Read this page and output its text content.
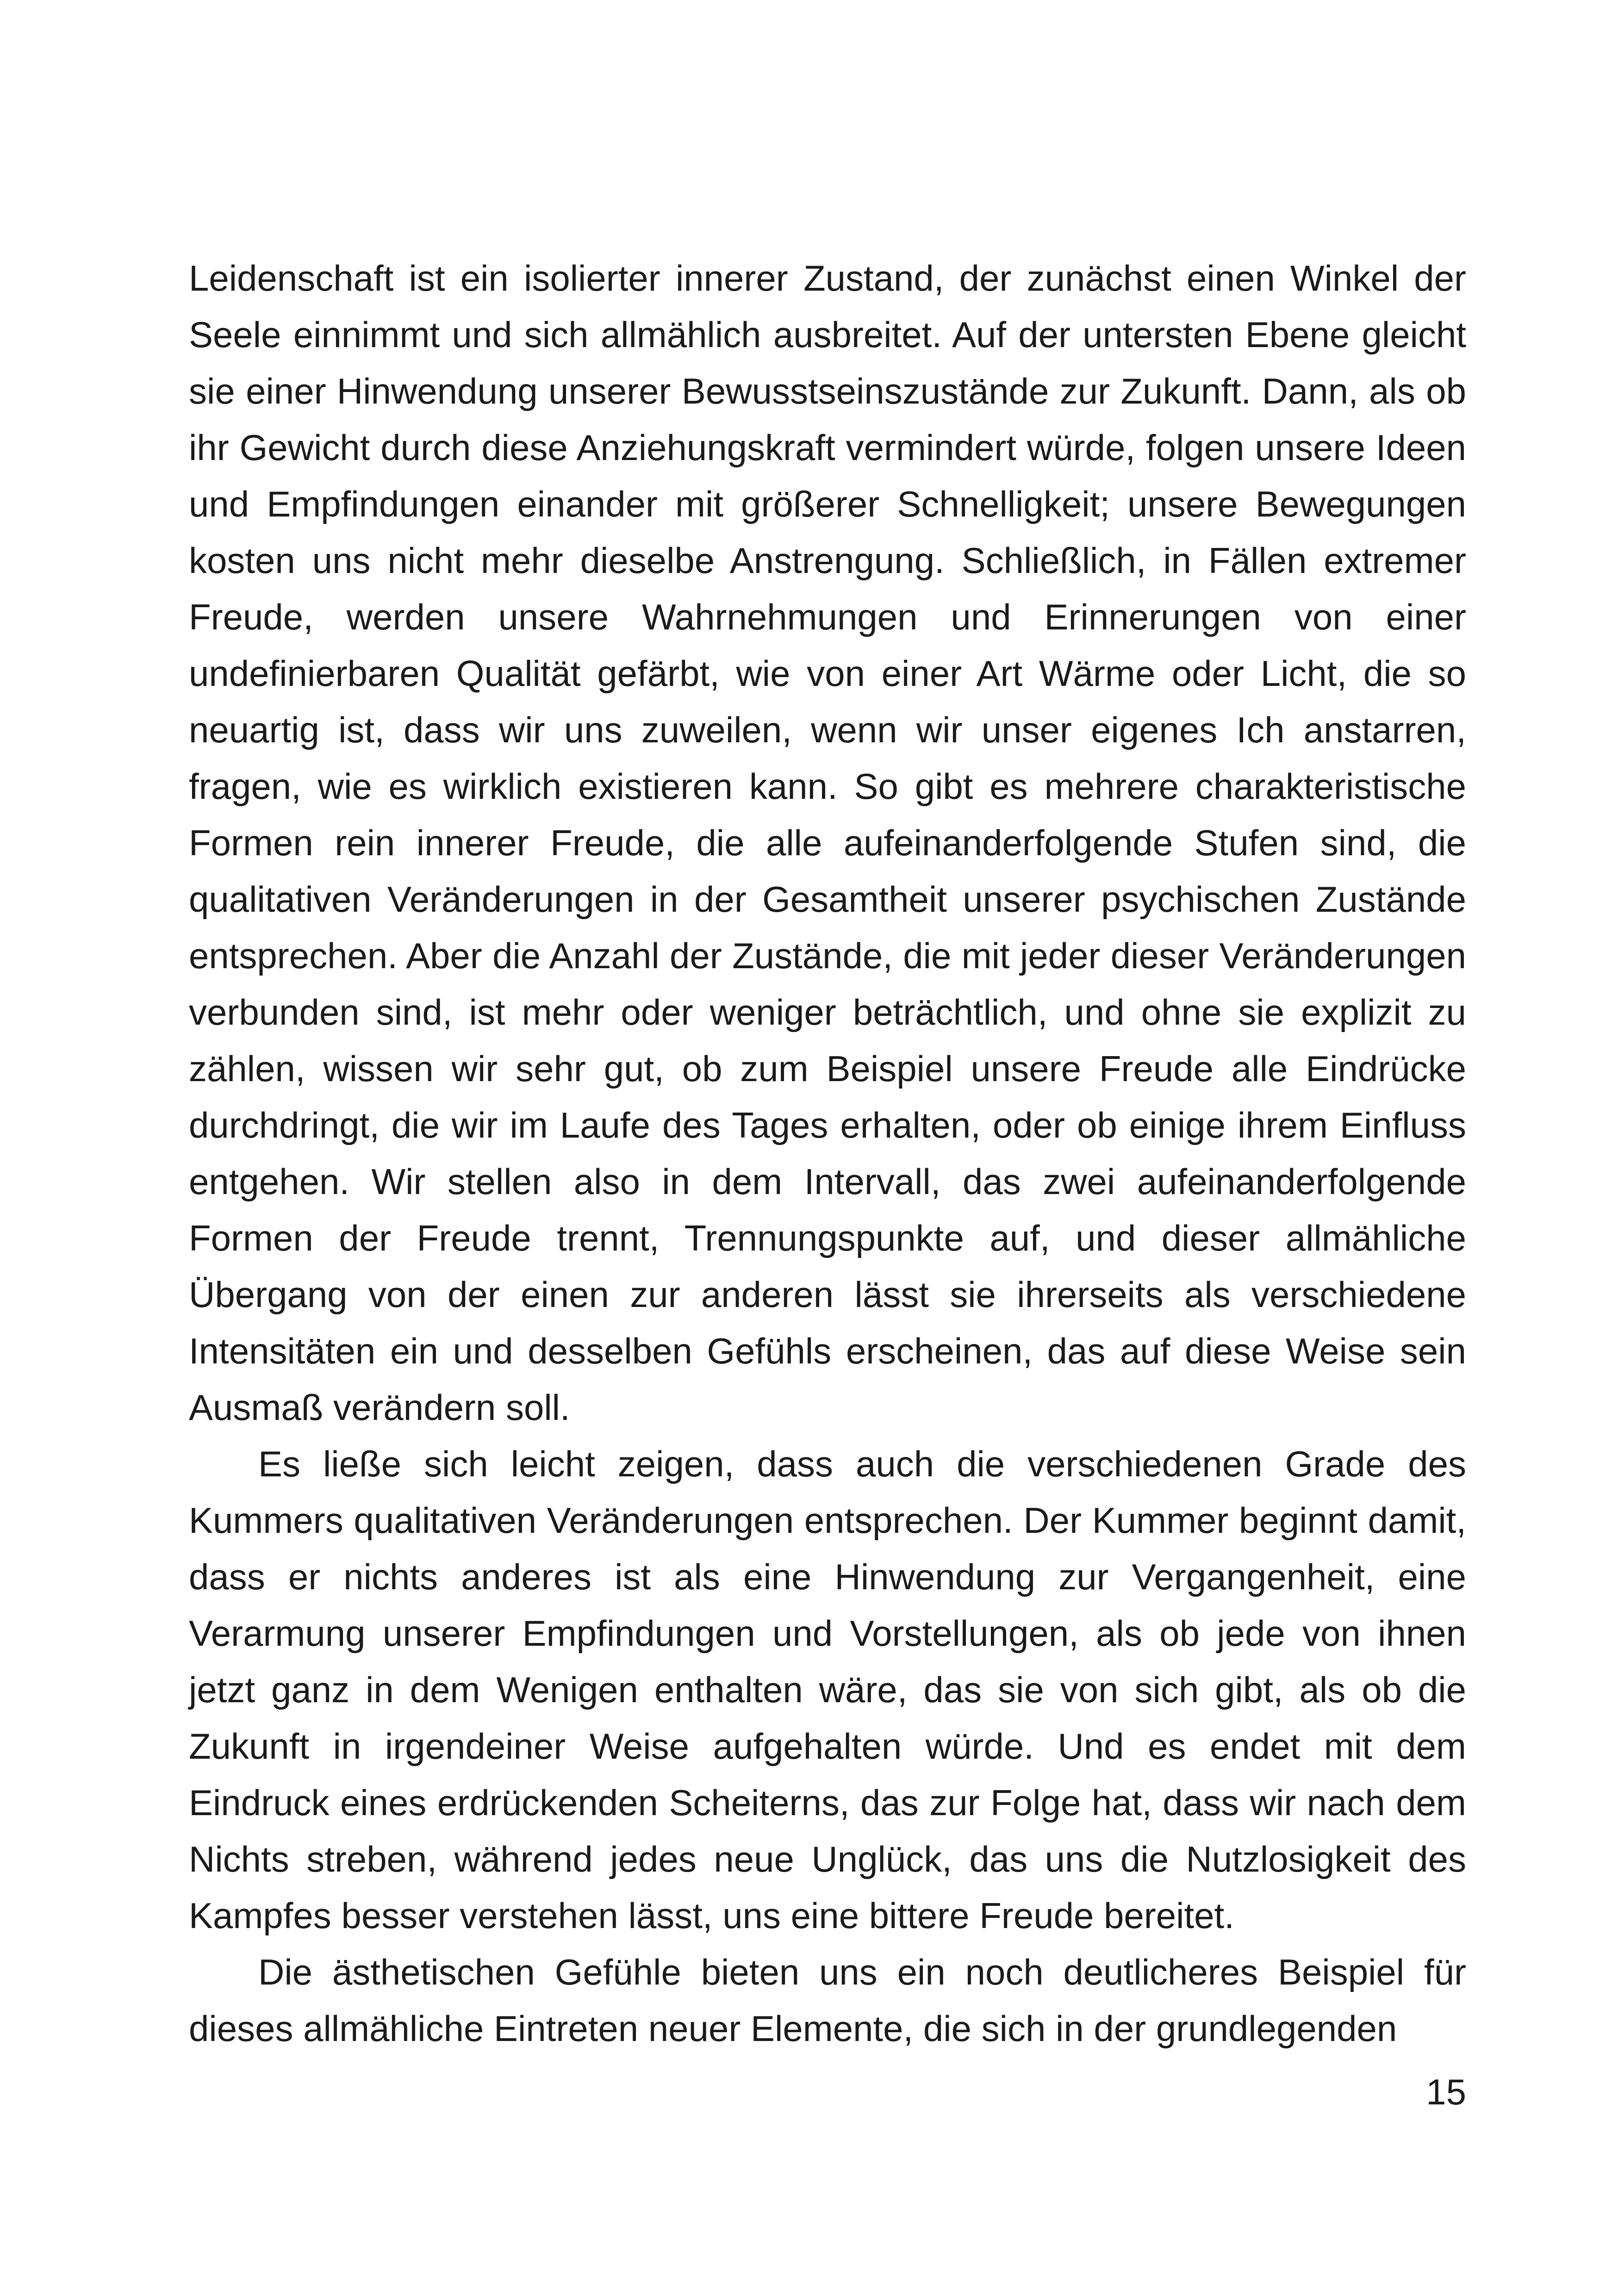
Leidenschaft ist ein isolierter innerer Zustand, der zunächst einen Winkel der Seele einnimmt und sich allmählich ausbreitet. Auf der untersten Ebene gleicht sie einer Hinwendung unserer Bewusstseinszustände zur Zukunft. Dann, als ob ihr Gewicht durch diese Anziehungskraft vermindert würde, folgen unsere Ideen und Empfindungen einander mit größerer Schnelligkeit; unsere Bewegungen kosten uns nicht mehr dieselbe Anstrengung. Schließlich, in Fällen extremer Freude, werden unsere Wahrnehmungen und Erinnerungen von einer undefinierbaren Qualität gefärbt, wie von einer Art Wärme oder Licht, die so neuartig ist, dass wir uns zuweilen, wenn wir unser eigenes Ich anstarren, fragen, wie es wirklich existieren kann. So gibt es mehrere charakteristische Formen rein innerer Freude, die alle aufeinanderfolgende Stufen sind, die qualitativen Veränderungen in der Gesamtheit unserer psychischen Zustände entsprechen. Aber die Anzahl der Zustände, die mit jeder dieser Veränderungen verbunden sind, ist mehr oder weniger beträchtlich, und ohne sie explizit zu zählen, wissen wir sehr gut, ob zum Beispiel unsere Freude alle Eindrücke durchdringt, die wir im Laufe des Tages erhalten, oder ob einige ihrem Einfluss entgehen. Wir stellen also in dem Intervall, das zwei aufeinanderfolgende Formen der Freude trennt, Trennungspunkte auf, und dieser allmähliche Übergang von der einen zur anderen lässt sie ihrerseits als verschiedene Intensitäten ein und desselben Gefühls erscheinen, das auf diese Weise sein Ausmaß verändern soll.

Es ließe sich leicht zeigen, dass auch die verschiedenen Grade des Kummers qualitativen Veränderungen entsprechen. Der Kummer beginnt damit, dass er nichts anderes ist als eine Hinwendung zur Vergangenheit, eine Verarmung unserer Empfindungen und Vorstellungen, als ob jede von ihnen jetzt ganz in dem Wenigen enthalten wäre, das sie von sich gibt, als ob die Zukunft in irgendeiner Weise aufgehalten würde. Und es endet mit dem Eindruck eines erdrückenden Scheiterns, das zur Folge hat, dass wir nach dem Nichts streben, während jedes neue Unglück, das uns die Nutzlosigkeit des Kampfes besser verstehen lässt, uns eine bittere Freude bereitet.

Die ästhetischen Gefühle bieten uns ein noch deutlicheres Beispiel für dieses allmähliche Eintreten neuer Elemente, die sich in der grundlegenden

15
